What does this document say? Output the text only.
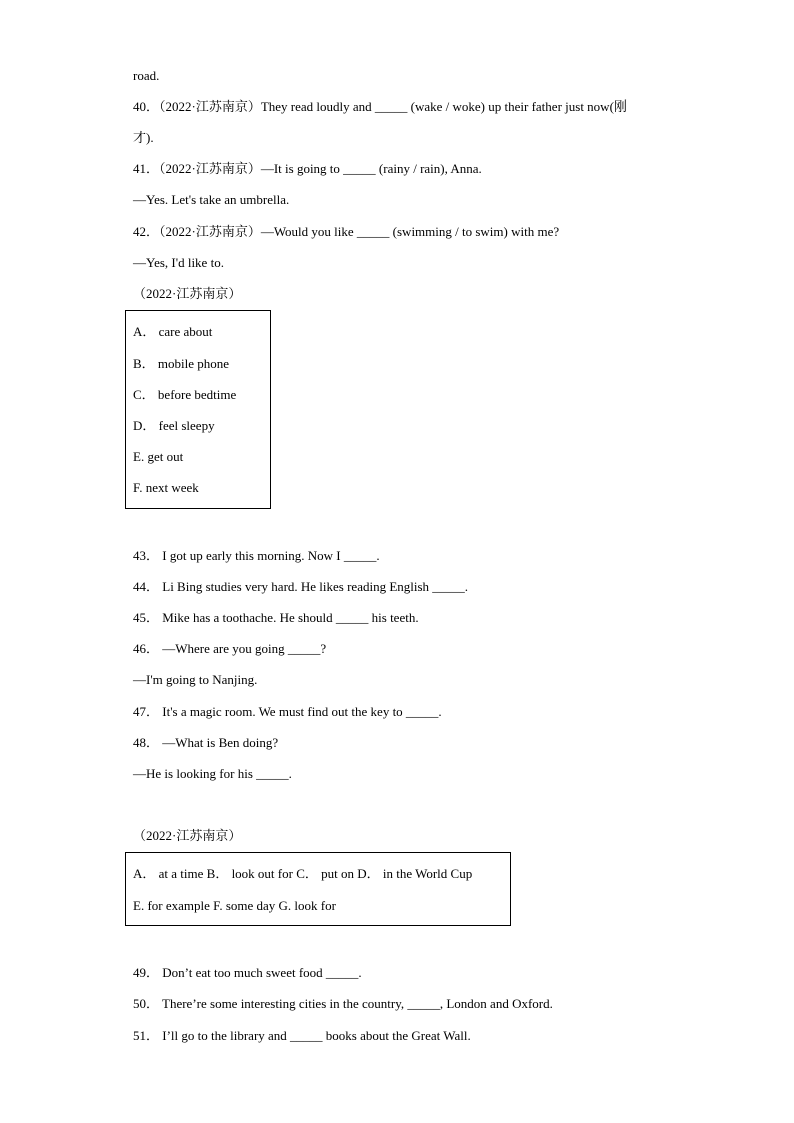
road.
40．（2022·江苏南京）They read loudly and _____ (wake / woke) up their father just now(刚
才).
41．（2022·江苏南京）—It is going to _____ (rainy / rain), Anna.
—Yes. Let's take an umbrella.
42．（2022·江苏南京）—Would you like _____ (swimming / to swim) with me?
—Yes, I'd like to.
（2022·江苏南京）
A． care about
B． mobile phone
C． before bedtime
D． feel sleepy
E. get out
F. next week
43． I got up early this morning. Now I _____.
44． Li Bing studies very hard. He likes reading English _____.
45． Mike has a toothache. He should _____ his teeth.
46． —Where are you going _____?
—I'm going to Nanjing.
47． It's a magic room. We must find out the key to _____.
48． —What is Ben doing?
—He is looking for his _____.
（2022·江苏南京）
A． at a time B． look out for C． put on D． in the World Cup
E. for example F. some day G. look for
49． Don’t eat too much sweet food _____.
50． There’re some interesting cities in the country, _____, London and Oxford.
51． I’ll go to the library and _____ books about the Great Wall.
